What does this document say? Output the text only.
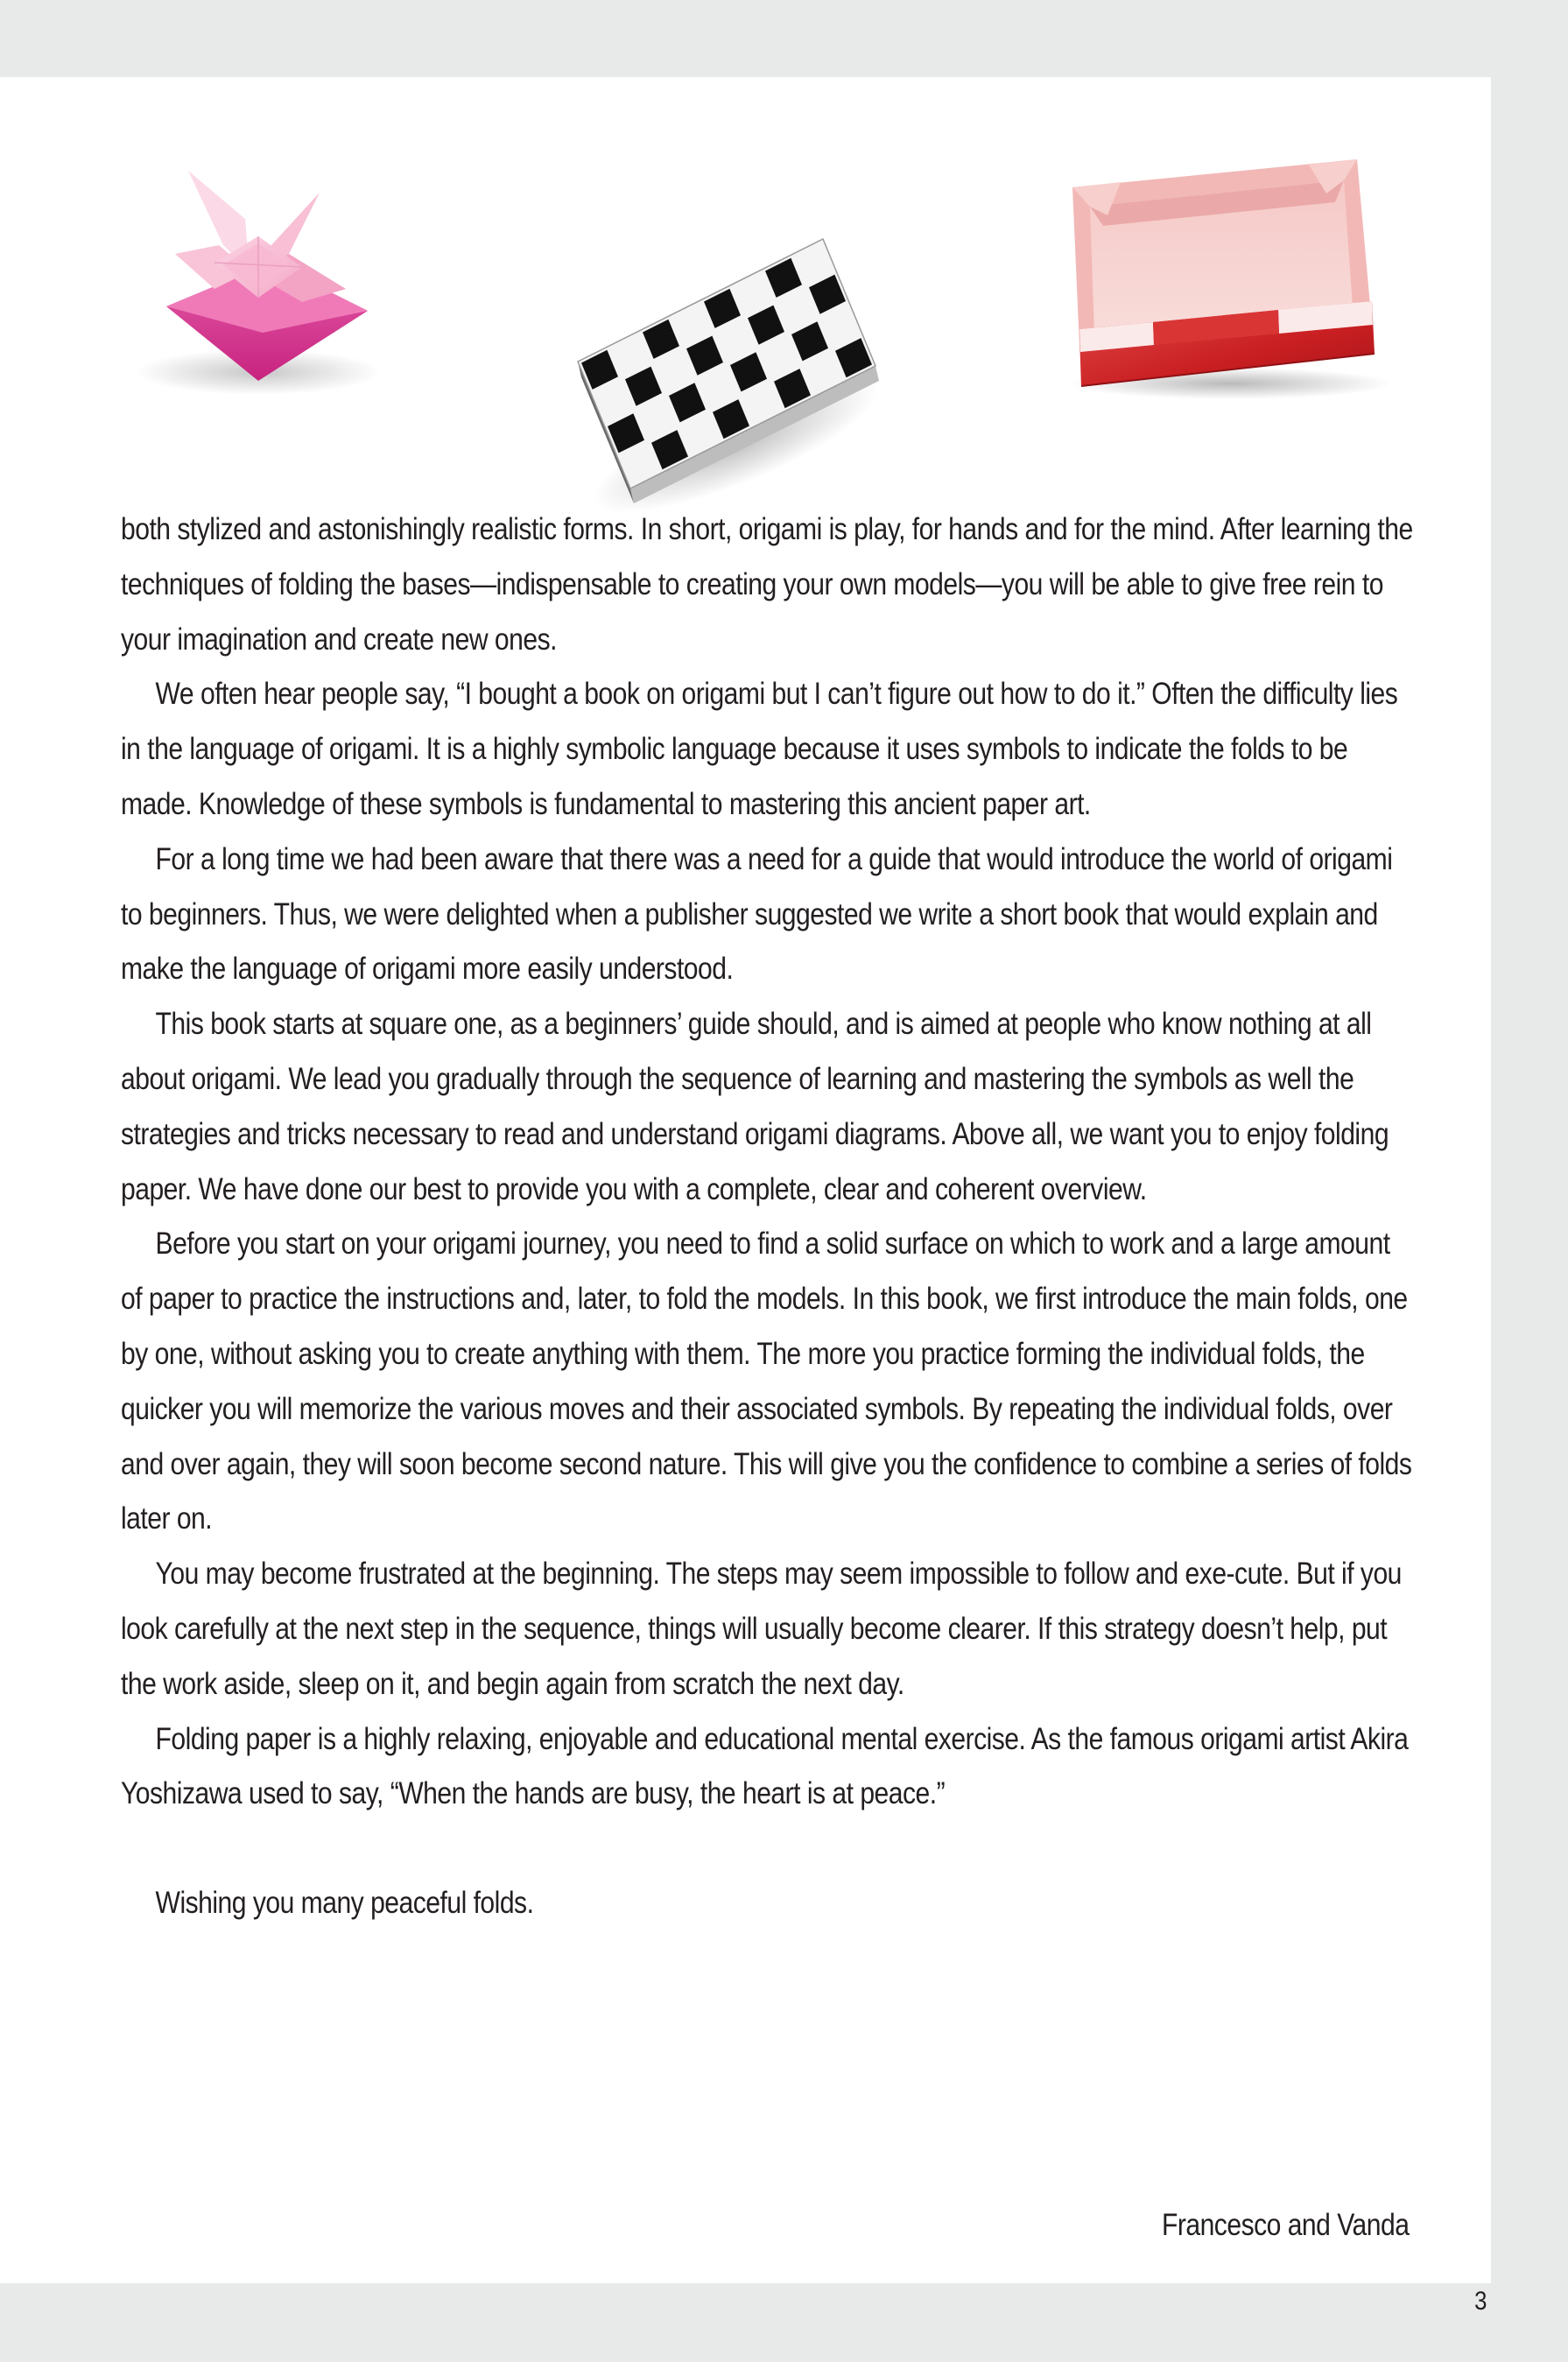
both stylized and astonishingly realistic forms. In short, origami is play, for hands and for the mind. After learning the techniques of folding the bases—indispensable to creating your own models—you will be able to give free rein to your imagination and create new ones.

We often hear people say, “I bought a book on origami but I can’t figure out how to do it.” Often the difficulty lies in the language of origami. It is a highly symbolic language because it uses symbols to indicate the folds to be made. Knowledge of these symbols is fundamental to mastering this ancient paper art.

For a long time we had been aware that there was a need for a guide that would introduce the world of origami to beginners. Thus, we were delighted when a publisher suggested we write a short book that would explain and make the language of origami more easily understood.

This book starts at square one, as a beginners’ guide should, and is aimed at people who know nothing at all about origami. We lead you gradually through the sequence of learning and mastering the symbols as well the strategies and tricks necessary to read and understand origami diagrams. Above all, we want you to enjoy folding paper. We have done our best to provide you with a complete, clear and coherent overview.

Before you start on your origami journey, you need to find a solid surface on which to work and a large amount of paper to practice the instructions and, later, to fold the models. In this book, we first introduce the main folds, one by one, without asking you to create anything with them. The more you practice forming the individual folds, the quicker you will memorize the various moves and their associated symbols. By repeating the individual folds, over and over again, they will soon become second nature. This will give you the confidence to combine a series of folds later on.

You may become frustrated at the beginning. The steps may seem impossible to follow and exe-cute. But if you look carefully at the next step in the sequence, things will usually become clearer. If this strategy doesn’t help, put the work aside, sleep on it, and begin again from scratch the next day.

Folding paper is a highly relaxing, enjoyable and educational mental exercise. As the famous origami artist Akira Yoshizawa used to say, “When the hands are busy, the heart is at peace.”

Wishing you many peaceful folds.

Francesco and Vanda
3
